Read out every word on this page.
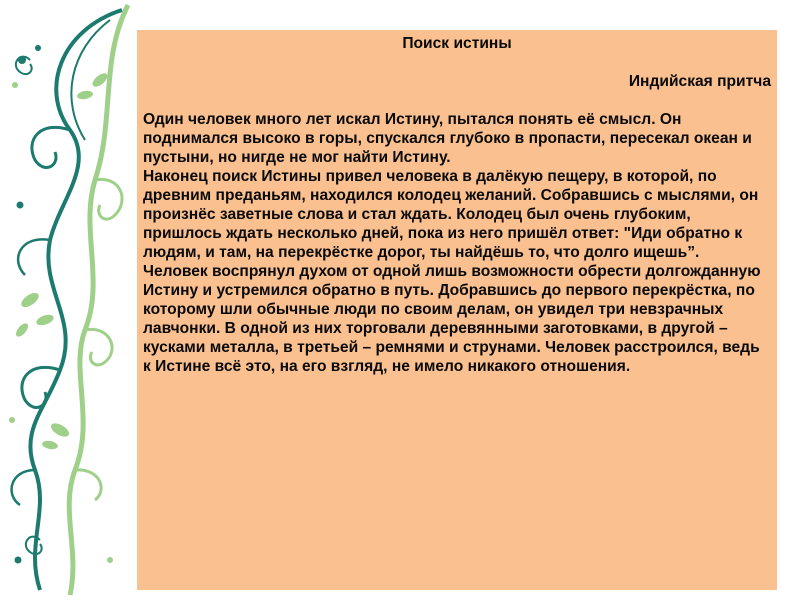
Поиск истины

Индийская притча

Один человек много лет искал Истину, пытался понять её смысл. Он поднимался высоко в горы, спускался глубоко в пропасти, пересекал океан и пустыни, но нигде не мог найти Истину.

Наконец поиск Истины привел человека в далёкую пещеру, в которой, по древним преданьям, находился колодец желаний. Собравшись с мыслями, он произнёс заветные слова и стал ждать. Колодец был очень глубоким, пришлось ждать несколько дней, пока из него пришёл ответ: "Иди обратно к людям, и там, на перекрёстке дорог, ты найдёшь то, что долго ищешь”.

Человек воспрянул духом от одной лишь возможности обрести долгожданную Истину и устремился обратно в путь. Добравшись до первого перекрёстка, по которому шли обычные люди по своим делам, он увидел три невзрачных лавчонки. В одной из них торговали деревянными заготовками, в другой – кусками металла, в третьей – ремнями и струнами. Человек расстроился, ведь к Истине всё это, на его взгляд, не имело никакого отношения.
